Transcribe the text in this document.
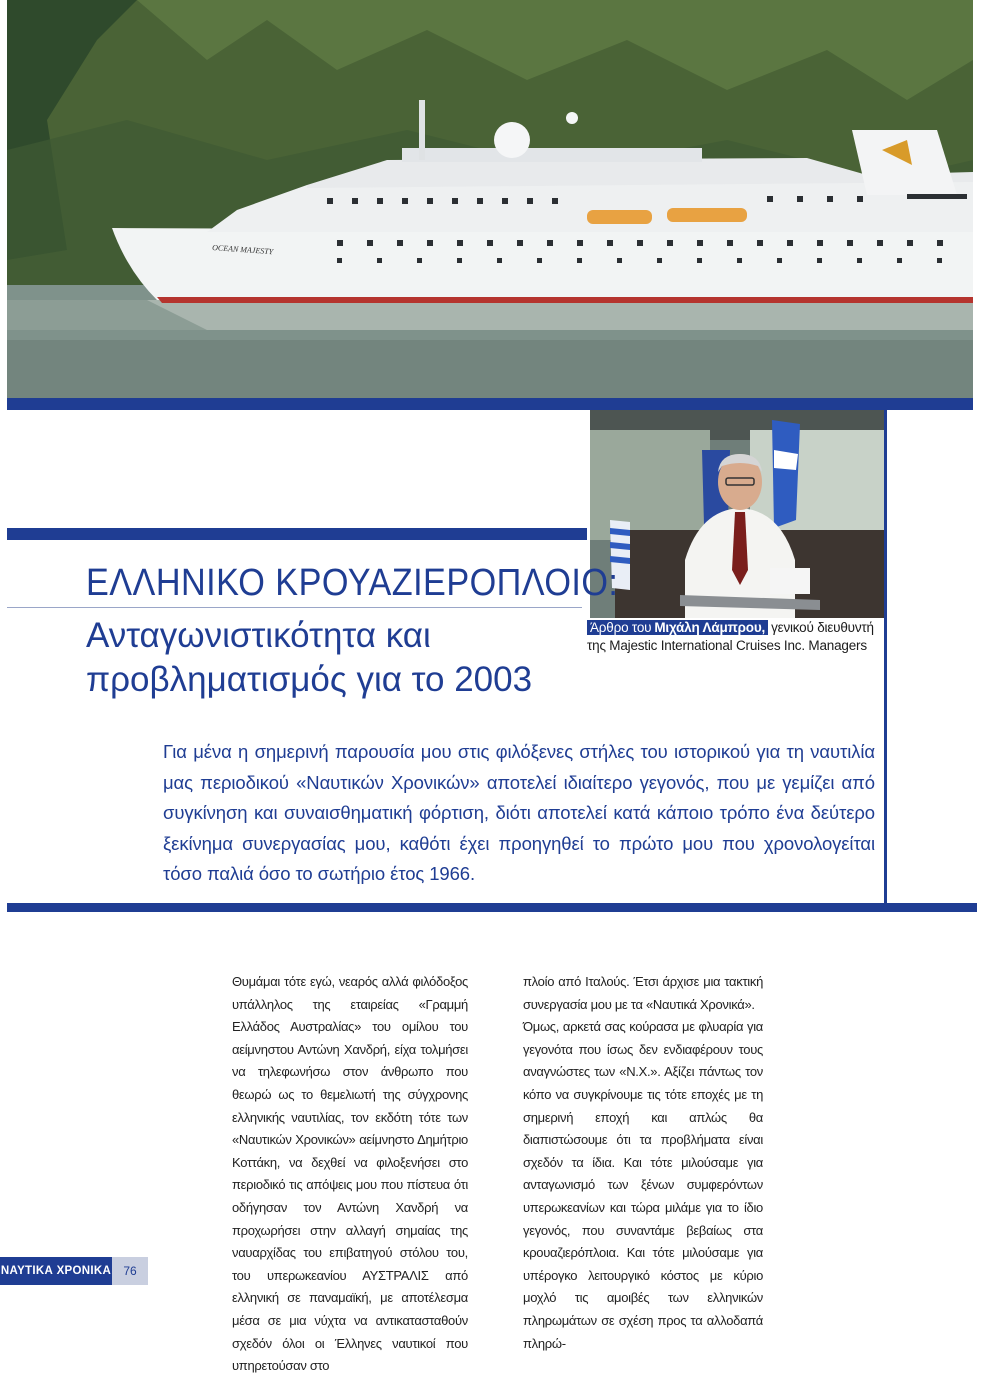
OCEAN MAJESTY
Άρθρο του Μιχάλη Λάμπρου, γενικού διευθυντή
της Majestic International Cruises Inc. Managers
ΕΛΛΗΝΙΚΟ ΚΡΟΥΑΖΙΕΡΟΠΛΟΙΟ:
Ανταγωνιστικότητα και
προβληματισμός για το 2003
Για μένα η σημερινή παρουσία μου στις φιλόξενες στήλες του ιστορικού για τη ναυτιλία μας περιοδικού «Ναυτικών Χρονικών» αποτελεί ιδιαίτερο γεγονός, που με γεμίζει από συγκίνηση και συναισθηματική φόρτιση, διότι αποτελεί κατά κάποιο τρόπο ένα δεύτερο ξεκίνημα συνεργασίας μου, καθότι έχει προηγηθεί το πρώτο μου που χρονολογείται τόσο παλιά όσο το σωτήριο έτος 1966.

Θυμάμαι τότε εγώ, νεαρός αλλά φιλόδοξος υπάλληλος της εταιρείας «Γραμμή Ελλάδος Αυστραλίας» του ομίλου του αείμνηστου Αντώνη Χανδρή, είχα τολμήσει να τηλεφωνήσω στον άνθρωπο που θεωρώ ως το θεμελιωτή της σύγχρονης ελληνικής ναυτιλίας, τον εκδότη τότε των «Ναυτικών Χρονικών» αείμνηστο Δημήτριο Κοττάκη, να δεχθεί να φιλοξενήσει στο περιοδικό τις απόψεις μου που πίστευα ότι οδήγησαν τον Αντώνη Χανδρή να προχωρήσει στην αλλαγή σημαίας της ναυαρχίδας του επιβατηγού στόλου του, του υπερωκεανίου ΑΥΣΤΡΑΛΙΣ από ελληνική σε παναμαϊκή, με αποτέλεσμα μέσα σε μια νύχτα να αντικατασταθούν σχεδόν όλοι οι Έλληνες ναυτικοί που υπηρετούσαν στο

πλοίο από Ιταλούς. Έτσι άρχισε μια τακτική συνεργασία μου με τα «Ναυτικά Χρονικά».

Όμως, αρκετά σας κούρασα με φλυαρία για γεγονότα που ίσως δεν ενδιαφέρουν τους αναγνώστες των «Ν.Χ.». Αξίζει πάντως τον κόπο να συγκρίνουμε τις τότε εποχές με τη σημερινή εποχή και απλώς θα διαπιστώσουμε ότι τα προβλήματα είναι σχεδόν τα ίδια. Και τότε μιλούσαμε για ανταγωνισμό των ξένων συμφερόντων υπερωκεανίων και τώρα μιλάμε για το ίδιο γεγονός, που συναντάμε βεβαίως στα κρουαζιερόπλοια. Και τότε μιλούσαμε για υπέρογκο λειτουργικό κόστος με κύριο μοχλό τις αμοιβές των ελληνικών πληρωμάτων σε σχέση προς τα αλλοδαπά πληρώ-

ΝΑΥΤΙΚΑ ΧΡΟΝΙΚΑ	76
